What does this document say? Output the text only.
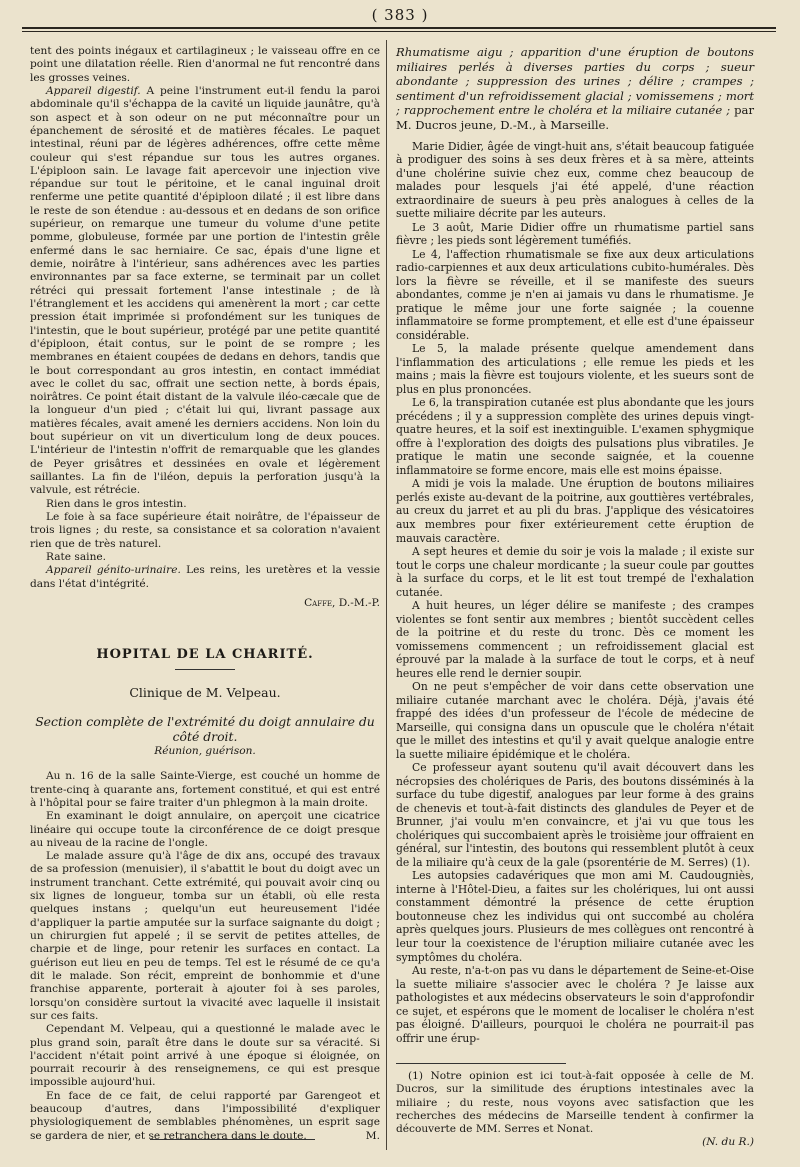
( 383 )

tent des points inégaux et cartilagineux ; le vaisseau offre en ce point une dilatation réelle. Rien d'anormal ne fut rencontré dans les grosses veines.

Appareil digestif. A peine l'instrument eut-il fendu la paroi abdominale qu'il s'échappa de la cavité un liquide jaunâtre, qu'à son aspect et à son odeur on ne put méconnaître pour un épanchement de sérosité et de matières fécales. Le paquet intestinal, réuni par de légères adhérences, offre cette même couleur qui s'est répandue sur tous les autres organes. L'épiploon sain. Le lavage fait apercevoir une injection vive répandue sur tout le péritoine, et le canal inguinal droit renferme une petite quantité d'épiploon dilaté ; il est libre dans le reste de son étendue : au-dessous et en dedans de son orifice supérieur, on remarque une tumeur du volume d'une petite pomme, globuleuse, formée par une portion de l'intestin grêle enfermé dans le sac herniaire. Ce sac, épais d'une ligne et demie, noirâtre à l'intérieur, sans adhérences avec les parties environnantes par sa face externe, se terminait par un collet rétréci qui pressait fortement l'anse intestinale ; de là l'étranglement et les accidens qui amenèrent la mort ; car cette pression était imprimée si profondément sur les tuniques de l'intestin, que le bout supérieur, protégé par une petite quantité d'épiploon, était contus, sur le point de se rompre ; les membranes en étaient coupées de dedans en dehors, tandis que le bout correspondant au gros intestin, en contact immédiat avec le collet du sac, offrait une section nette, à bords épais, noirâtres. Ce point était distant de la valvule iléo-cæcale que de la longueur d'un pied ; c'était lui qui, livrant passage aux matières fécales, avait amené les derniers accidens. Non loin du bout supérieur on vit un diverticulum long de deux pouces. L'intérieur de l'intestin n'offrit de remarquable que les glandes de Peyer grisâtres et dessinées en ovale et légèrement saillantes. La fin de l'iléon, depuis la perforation jusqu'à la valvule, est rétrécie.

Rien dans le gros intestin.

Le foie à sa face supérieure était noirâtre, de l'épaisseur de trois lignes ; du reste, sa consistance et sa coloration n'avaient rien que de très naturel.

Rate saine.

Appareil génito-urinaire. Les reins, les uretères et la vessie dans l'état d'intégrité.

Caffe, D.-M.-P.
HOPITAL DE LA CHARITÉ.
Clinique de M. Velpeau.
Section complète de l'extrémité du doigt annulaire du côté droit.
Réunion, guérison.

Au n. 16 de la salle Sainte-Vierge, est couché un homme de trente-cinq à quarante ans, fortement constitué, et qui est entré à l'hôpital pour se faire traiter d'un phlegmon à la main droite.

En examinant le doigt annulaire, on aperçoit une cicatrice linéaire qui occupe toute la circonférence de ce doigt presque au niveau de la racine de l'ongle.

Le malade assure qu'à l'âge de dix ans, occupé des travaux de sa profession (menuisier), il s'abattit le bout du doigt avec un instrument tranchant. Cette extrémité, qui pouvait avoir cinq ou six lignes de longueur, tomba sur un établi, où elle resta quelques instans ; quelqu'un eut heureusement l'idée d'appliquer la partie amputée sur la surface saignante du doigt ; un chirurgien fut appelé ; il se servit de petites attelles, de charpie et de linge, pour retenir les surfaces en contact. La guérison eut lieu en peu de temps. Tel est le résumé de ce qu'a dit le malade. Son récit, empreint de bonhommie et d'une franchise apparente, porterait à ajouter foi à ses paroles, lorsqu'on considère surtout la vivacité avec laquelle il insistait sur ces faits.

Cependant M. Velpeau, qui a questionné le malade avec le plus grand soin, paraît être dans le doute sur sa véracité. Si l'accident n'était point arrivé à une époque si éloignée, on pourrait recourir à des renseignemens, ce qui est presque impossible aujourd'hui.

En face de ce fait, de celui rapporté par Garengeot et beaucoup d'autres, dans l'impossibilité d'expliquer physiologiquement de semblables phénomènes, un esprit sage se gardera de nier, et se retranchera dans le doute.	M.

Rhumatisme aigu ; apparition d'une éruption de boutons miliaires perlés à diverses parties du corps ; sueur abondante ; suppression des urines ; délire ; crampes ; sentiment d'un refroidissement glacial ; vomissemens ; mort ; rapprochement entre le choléra et la miliaire cutanée ; par M. Ducros jeune, D.-M., à Marseille.

Marie Didier, âgée de vingt-huit ans, s'était beaucoup fatiguée à prodiguer des soins à ses deux frères et à sa mère, atteints d'une cholérine suivie chez eux, comme chez beaucoup de malades pour lesquels j'ai été appelé, d'une réaction extraordinaire de sueurs à peu près analogues à celles de la suette miliaire décrite par les auteurs.

Le 3 août, Marie Didier offre un rhumatisme partiel sans fièvre ; les pieds sont légèrement tuméfiés.

Le 4, l'affection rhumatismale se fixe aux deux articulations radio-carpiennes et aux deux articulations cubito-humérales. Dès lors la fièvre se réveille, et il se manifeste des sueurs abondantes, comme je n'en ai jamais vu dans le rhumatisme. Je pratique le même jour une forte saignée ; la couenne inflammatoire se forme promptement, et elle est d'une épaisseur considérable.

Le 5, la malade présente quelque amendement dans l'inflammation des articulations ; elle remue les pieds et les mains ; mais la fièvre est toujours violente, et les sueurs sont de plus en plus prononcées.

Le 6, la transpiration cutanée est plus abondante que les jours précédens ; il y a suppression complète des urines depuis vingt-quatre heures, et la soif est inextinguible. L'examen sphygmique offre à l'exploration des doigts des pulsations plus vibratiles. Je pratique le matin une seconde saignée, et la couenne inflammatoire se forme encore, mais elle est moins épaisse.

A midi je vois la malade. Une éruption de boutons miliaires perlés existe au-devant de la poitrine, aux gouttières vertébrales, au creux du jarret et au pli du bras. J'applique des vésicatoires aux membres pour fixer extérieurement cette éruption de mauvais caractère.

A sept heures et demie du soir je vois la malade ; il existe sur tout le corps une chaleur mordicante ; la sueur coule par gouttes à la surface du corps, et le lit est tout trempé de l'exhalation cutanée.

A huit heures, un léger délire se manifeste ; des crampes violentes se font sentir aux membres ; bientôt succèdent celles de la poitrine et du reste du tronc. Dès ce moment les vomissemens commencent ; un refroidissement glacial est éprouvé par la malade à la surface de tout le corps, et à neuf heures elle rend le dernier soupir.

On ne peut s'empêcher de voir dans cette observation une miliaire cutanée marchant avec le choléra. Déjà, j'avais été frappé des idées d'un professeur de l'école de médecine de Marseille, qui consigna dans un opuscule que le choléra n'était que le millet des intestins et qu'il y avait quelque analogie entre la suette miliaire épidémique et le choléra.

Ce professeur ayant soutenu qu'il avait découvert dans les nécropsies des cholériques de Paris, des boutons disséminés à la surface du tube digestif, analogues par leur forme à des grains de chenevis et tout-à-fait distincts des glandules de Peyer et de Brunner, j'ai voulu m'en convaincre, et j'ai vu que tous les cholériques qui succombaient après le troisième jour offraient en général, sur l'intestin, des boutons qui ressemblent plutôt à ceux de la miliaire qu'à ceux de la gale (psorentérie de M. Serres) (1).

Les autopsies cadavériques que mon ami M. Caudougniès, interne à l'Hôtel-Dieu, a faites sur les cholériques, lui ont aussi constamment démontré la présence de cette éruption boutonneuse chez les individus qui ont succombé au choléra après quelques jours. Plusieurs de mes collègues ont rencontré à leur tour la coexistence de l'éruption miliaire cutanée avec les symptômes du choléra.

Au reste, n'a-t-on pas vu dans le département de Seine-et-Oise la suette miliaire s'associer avec le choléra ? Je laisse aux pathologistes et aux médecins observateurs le soin d'approfondir ce sujet, et espérons que le moment de localiser le choléra n'est pas éloigné. D'ailleurs, pourquoi le choléra ne pourrait-il pas offrir une érup-

(1) Notre opinion est ici tout-à-fait opposée à celle de M. Ducros, sur la similitude des éruptions intestinales avec la miliaire ; du reste, nous voyons avec satisfaction que les recherches des médecins de Marseille tendent à confirmer la découverte de MM. Serres et Nonat.

(N. du R.)
